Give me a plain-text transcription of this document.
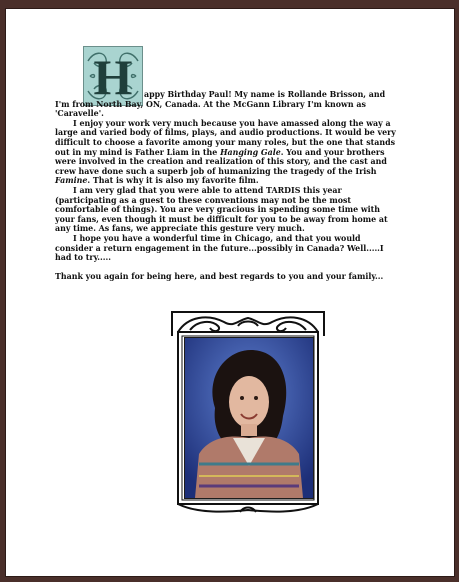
H	appy Birthday Paul! My name is Rollande Brisson, and I'm from North Bay, ON, Canada. At the McGann Library I'm known as 'Caravelle'.

I enjoy your work very much because you have amassed along the way a large and varied body of films, plays, and audio productions. It would be very difficult to choose a favorite among your many roles, but the one that stands out in my mind is Father Liam in the Hanging Gale. You and your brothers were involved in the creation and realization of this story, and the cast and crew have done such a superb job of humanizing the tragedy of the Irish Famine. That is why it is also my favorite film.

I am very glad that you were able to attend TARDIS this year (participating as a guest to these conventions may not be the most comfortable of things). You are very gracious in spending some time with your fans, even though it must be difficult for you to be away from home at any time. As fans, we appreciate this gesture very much.

I hope you have a wonderful time in Chicago, and that you would consider a return engagement in the future...possibly in Canada? Well.....I had to try.....

Thank you again for being here, and best regards to you and your family...
